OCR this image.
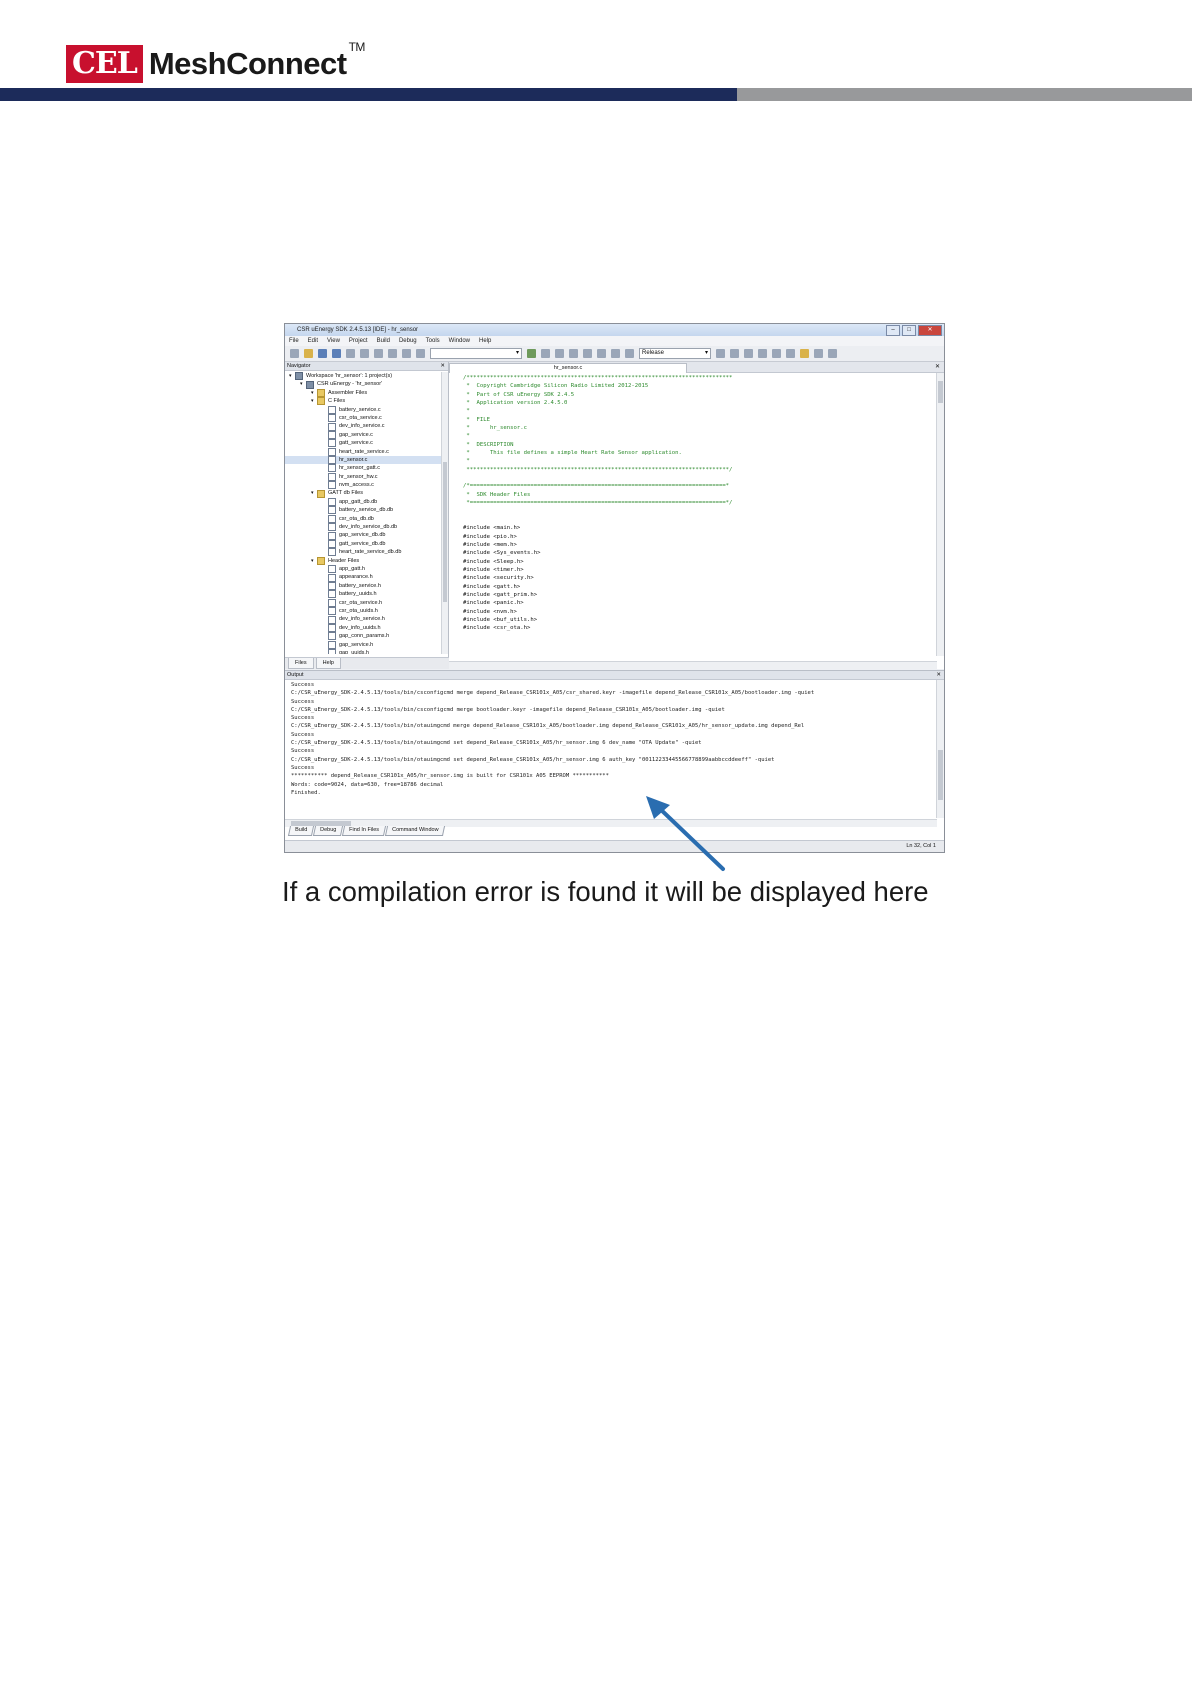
CEL MeshConnect ™
CSR uEnergy SDK 2.4.5.13 [IDE] - hr_sensor	–	□	✕
File Edit View Project Build Debug Tools Window Help
▾
Release ▾
Navigator	✕
▾	Workspace 'hr_sensor': 1 project(s)
▾	CSR uEnergy - 'hr_sensor'
▾	Assembler Files
▾	C Files
battery_service.c
csr_ota_service.c
dev_info_service.c
gap_service.c
gatt_service.c
heart_rate_service.c
hr_sensor.c
hr_sensor_gatt.c
hr_sensor_hw.c
nvm_access.c
▾	GATT db Files
app_gatt_db.db
battery_service_db.db
csr_ota_db.db
dev_info_service_db.db
gap_service_db.db
gatt_service_db.db
heart_rate_service_db.db
▾	Header Files
app_gatt.h
appearance.h
battery_service.h
battery_uuids.h
csr_ota_service.h
csr_ota_uuids.h
dev_info_service.h
dev_info_uuids.h
gap_conn_params.h
gap_service.h
gap_uuids.h
Files	Help
hr_sensor.c	✕
/*******************************************************************************
*  Copyright Cambridge Silicon Radio Limited 2012-2015
*  Part of CSR uEnergy SDK 2.4.5
*  Application version 2.4.5.0
*
*  FILE
*      hr_sensor.c
*
*  DESCRIPTION
*      This file defines a simple Heart Rate Sensor application.
*
******************************************************************************/
/*============================================================================*
*  SDK Header Files
*============================================================================*/
#include <main.h>
#include <pio.h>
#include <mem.h>
#include <Sys_events.h>
#include <Sleep.h>
#include <timer.h>
#include <security.h>
#include <gatt.h>
#include <gatt_prim.h>
#include <panic.h>
#include <nvm.h>
#include <buf_utils.h>
#include <csr_ota.h>
Output	✕
Success
C:/CSR_uEnergy_SDK-2.4.5.13/tools/bin/csconfigcmd merge depend_Release_CSR101x_A05/csr_shared.keyr -imagefile depend_Release_CSR101x_A05/bootloader.img -quiet
Success
C:/CSR_uEnergy_SDK-2.4.5.13/tools/bin/csconfigcmd merge bootloader.keyr -imagefile depend_Release_CSR101x_A05/bootloader.img -quiet
Success
C:/CSR_uEnergy_SDK-2.4.5.13/tools/bin/otauimgcmd merge depend_Release_CSR101x_A05/bootloader.img depend_Release_CSR101x_A05/hr_sensor_update.img depend_Rel
Success
C:/CSR_uEnergy_SDK-2.4.5.13/tools/bin/otauimgcmd set depend_Release_CSR101x_A05/hr_sensor.img 6 dev_name "OTA Update" -quiet
Success
C:/CSR_uEnergy_SDK-2.4.5.13/tools/bin/otauimgcmd set depend_Release_CSR101x_A05/hr_sensor.img 6 auth_key "00112233445566778899aabbccddeeff" -quiet
Success
*********** depend_Release_CSR101x_A05/hr_sensor.img is built for CSR101x A05 EEPROM ***********
Words: code=9024, data=630, free=18786 decimal
Finished.
Build	Debug	Find In Files	Command Window
Ln 32, Col 1
If a compilation error is found it will be displayed here
